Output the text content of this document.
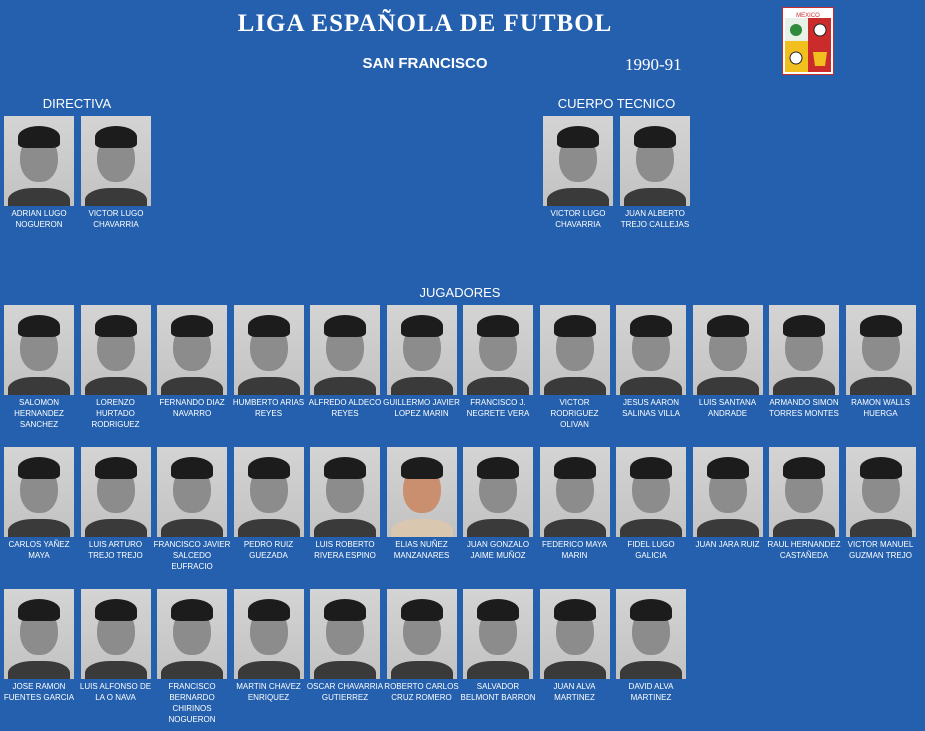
LIGA ESPAÑOLA DE FUTBOL
SAN FRANCISCO	1990-91
MEXICO
DIRECTIVA	CUERPO TECNICO
JUGADORES
ADRIAN LUGO NOGUERON
VICTOR LUGO CHAVARRIA
VICTOR LUGO CHAVARRIA
JUAN ALBERTO TREJO CALLEJAS
SALOMON HERNANDEZ SANCHEZ
LORENZO HURTADO RODRIGUEZ
FERNANDO DIAZ NAVARRO
HUMBERTO ARIAS REYES
ALFREDO ALDECO REYES
GUILLERMO JAVIER LOPEZ MARIN
FRANCISCO J. NEGRETE VERA
VICTOR RODRIGUEZ OLIVAN
JESUS AARON SALINAS VILLA
LUIS SANTANA ANDRADE
ARMANDO SIMON TORRES MONTES
RAMON WALLS HUERGA
CARLOS YAÑEZ MAYA
LUIS ARTURO TREJO TREJO
FRANCISCO JAVIER SALCEDO EUFRACIO
PEDRO RUIZ GUEZADA
LUIS ROBERTO RIVERA ESPINO
ELIAS NUÑEZ MANZANARES
JUAN GONZALO JAIME MUÑOZ
FEDERICO MAYA MARIN
FIDEL LUGO GALICIA
JUAN JARA RUIZ RAUL HERNANDEZ CASTAÑEDA
VICTOR MANUEL GUZMAN TREJO
JOSE RAMON FUENTES GARCIA
LUIS ALFONSO DE LA O NAVA
FRANCISCO BERNARDO CHIRINOS NOGUERON
MARTIN CHAVEZ ENRIQUEZ
OSCAR CHAVARRIA GUTIERREZ
ROBERTO CARLOS CRUZ ROMERO
SALVADOR BELMONT BARRON
JUAN ALVA MARTINEZ
DAVID ALVA MARTINEZ
